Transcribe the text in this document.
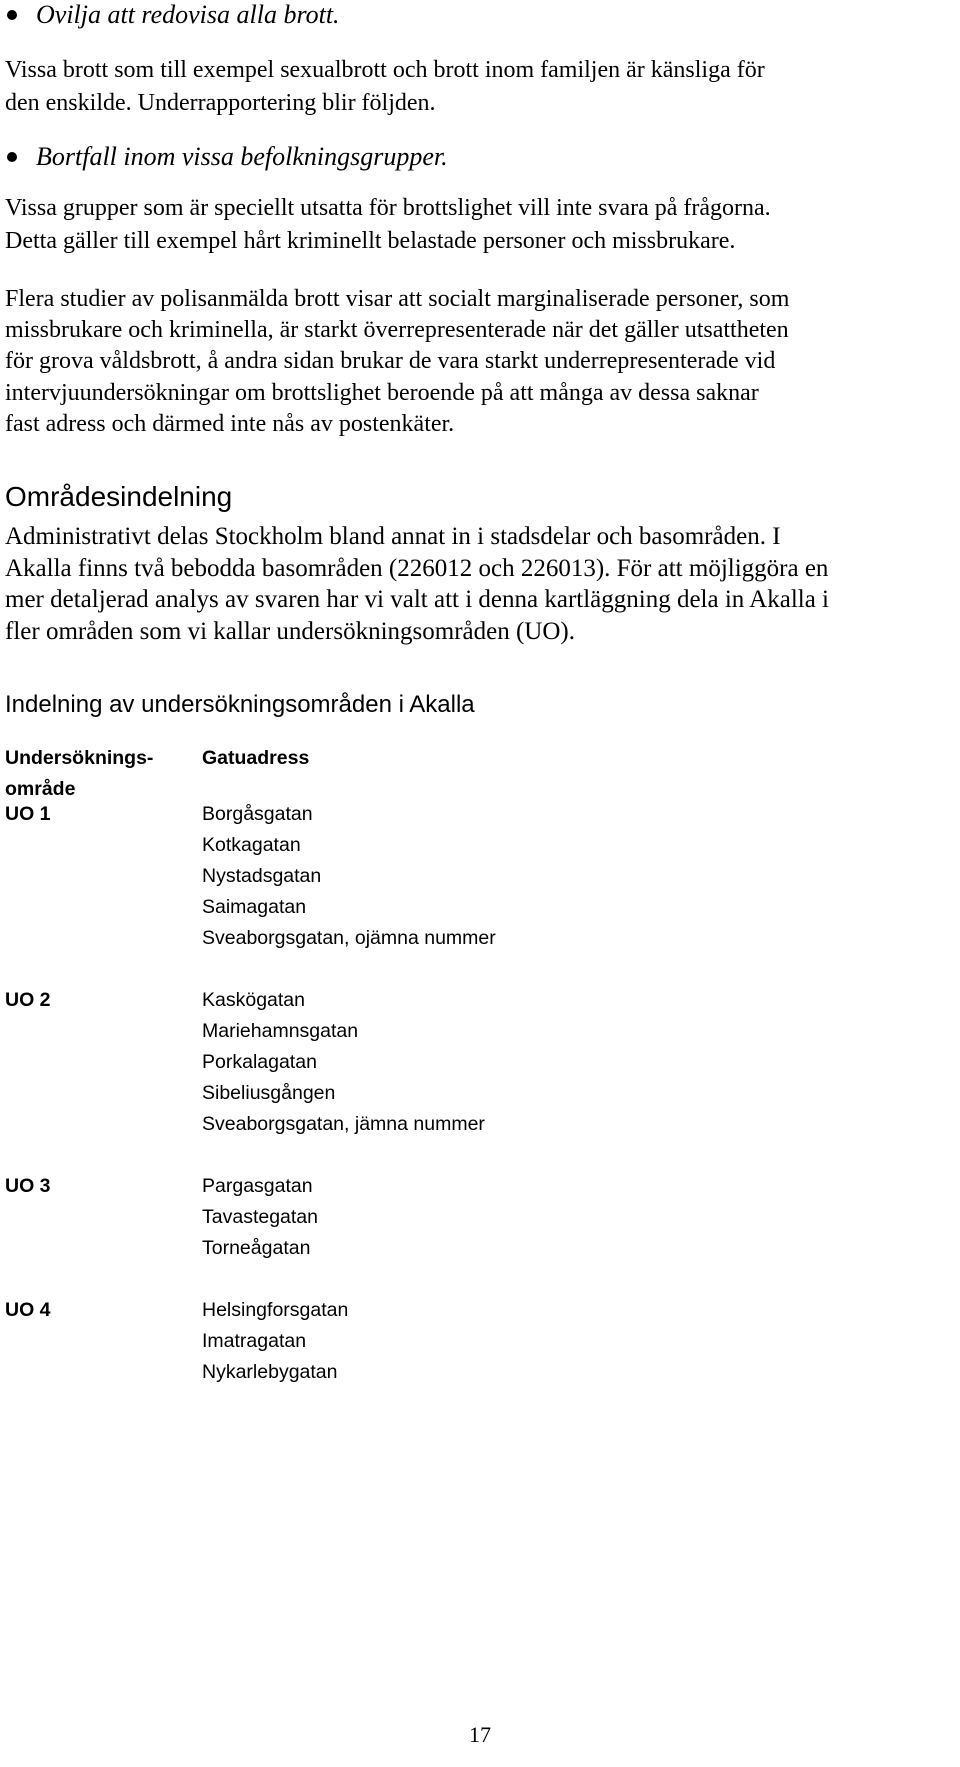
Ovilja att redovisa alla brott.
Vissa brott som till exempel sexualbrott och brott inom familjen är känsliga för
den enskilde. Underrapportering blir följden.
Bortfall inom vissa befolkningsgrupper.
Vissa grupper som är speciellt utsatta för brottslighet vill inte svara på frågorna.
Detta gäller till exempel hårt kriminellt belastade personer och missbrukare.
Flera studier av polisanmälda brott visar att socialt marginaliserade personer, som
missbrukare och kriminella, är starkt överrepresenterade när det gäller utsattheten
för grova våldsbrott, å andra sidan brukar de vara starkt underrepresenterade vid
intervjuundersökningar om brottslighet beroende på att många av dessa saknar
fast adress och därmed inte nås av postenkäter.
Områdesindelning
Administrativt delas Stockholm bland annat in i stadsdelar och basområden. I
Akalla finns två bebodda basområden (226012 och 226013). För att möjliggöra en
mer detaljerad analys av svaren har vi valt att i denna kartläggning dela in Akalla i
fler områden som vi kallar undersökningsområden (UO).
Indelning av undersökningsområden i Akalla
Undersöknings-
område
Gatuadress
UO 1	Borgåsgatan
Kotkagatan
Nystadsgatan
Saimagatan
Sveaborgsgatan, ojämna nummer
UO 2	Kaskögatan
Mariehamnsgatan
Porkalagatan
Sibeliusgången
Sveaborgsgatan, jämna nummer
UO 3	Pargasgatan
Tavastegatan
Torneågatan
UO 4	Helsingforsgatan
Imatragatan
Nykarlebygatan
17
